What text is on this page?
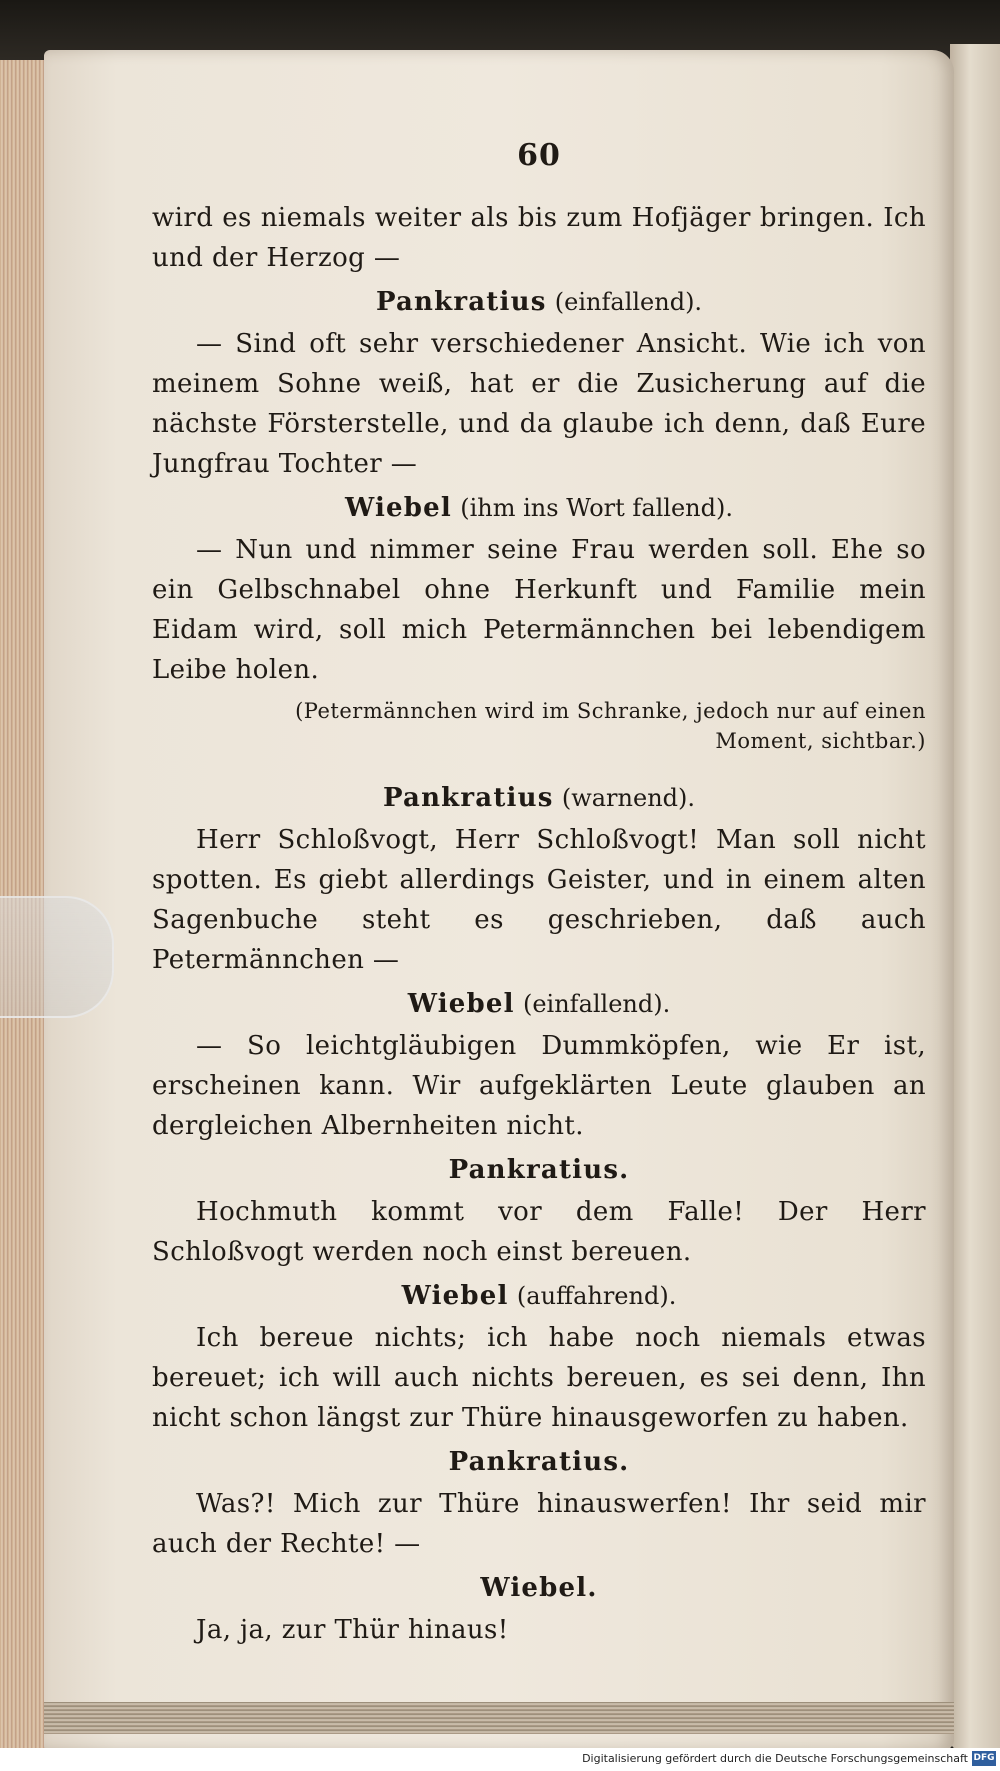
60

wird es niemals weiter als bis zum Hofjäger bringen. Ich und der Herzog —

Pankratius (einfallend).

— Sind oft sehr verschiedener Ansicht. Wie ich von meinem Sohne weiß, hat er die Zusicherung auf die nächste Försterstelle, und da glaube ich denn, daß Eure Jungfrau Tochter —

Wiebel (ihm ins Wort fallend).

— Nun und nimmer seine Frau werden soll. Ehe so ein Gelbschnabel ohne Herkunft und Familie mein Eidam wird, soll mich Petermännchen bei lebendigem Leibe holen.

(Petermännchen wird im Schranke, jedoch nur auf einen Moment, sichtbar.)

Pankratius (warnend).

Herr Schloßvogt, Herr Schloßvogt! Man soll nicht spotten. Es giebt allerdings Geister, und in einem alten Sagenbuche steht es geschrieben, daß auch Petermännchen —

Wiebel (einfallend).

— So leichtgläubigen Dummköpfen, wie Er ist, erscheinen kann. Wir aufgeklärten Leute glauben an dergleichen Albernheiten nicht.

Pankratius.

Hochmuth kommt vor dem Falle! Der Herr Schloßvogt werden noch einst bereuen.

Wiebel (auffahrend).

Ich bereue nichts; ich habe noch niemals etwas bereuet; ich will auch nichts bereuen, es sei denn, Ihn nicht schon längst zur Thüre hinausgeworfen zu haben.

Pankratius.

Was?! Mich zur Thüre hinauswerfen! Ihr seid mir auch der Rechte! —

Wiebel.

Ja, ja, zur Thür hinaus!

Digitalisierung gefördert durch die Deutsche Forschungsgemeinschaft DFG
